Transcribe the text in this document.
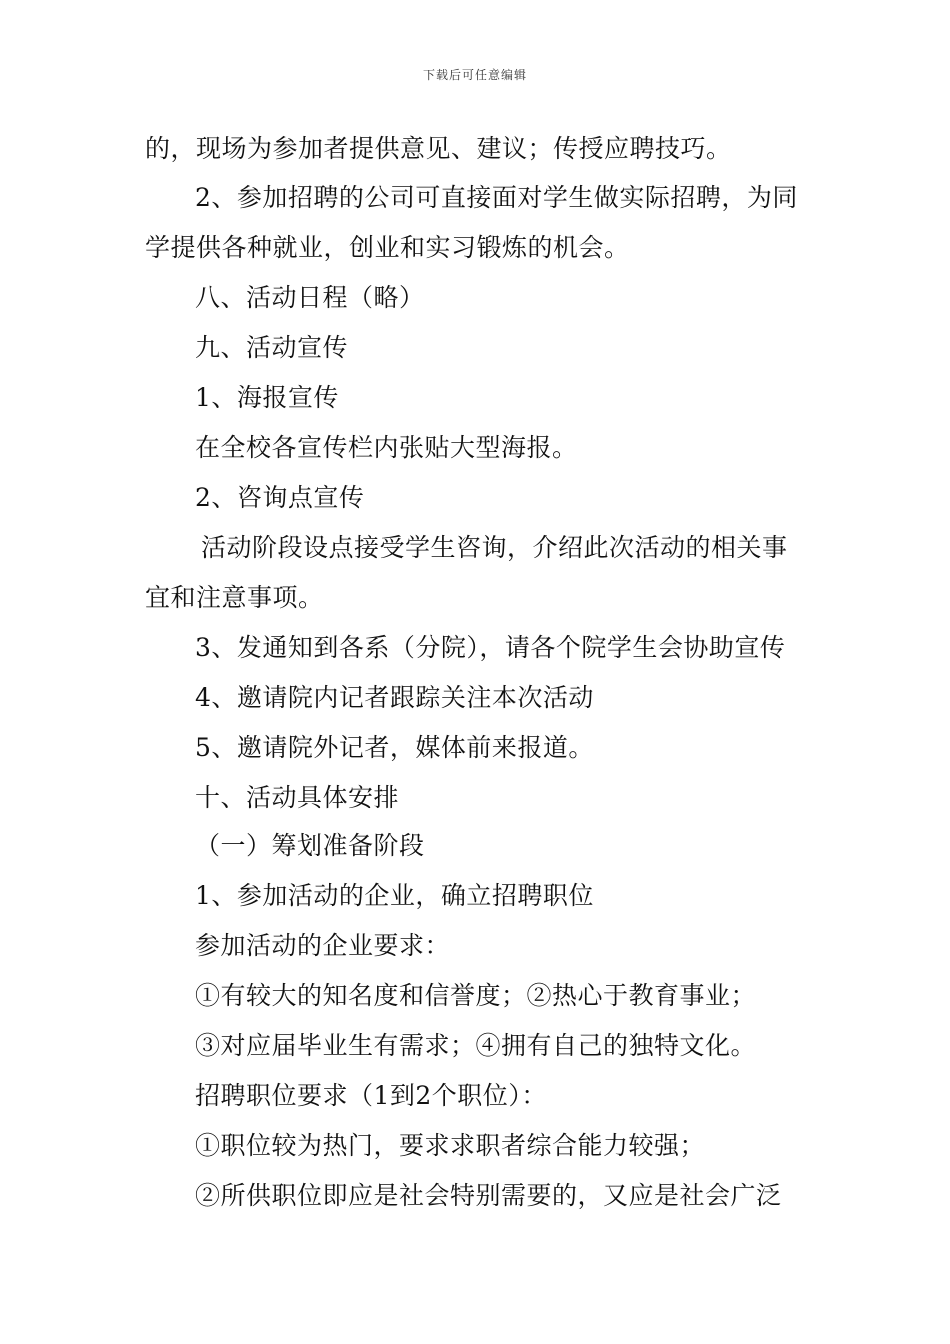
下载后可任意编辑
的，现场为参加者提供意见、建议；传授应聘技巧。
2、参加招聘的公司可直接面对学生做实际招聘，为同
学提供各种就业，创业和实习锻炼的机会。
八、活动日程（略）
九、活动宣传
1、海报宣传
在全校各宣传栏内张贴大型海报。
2、咨询点宣传
活动阶段设点接受学生咨询，介绍此次活动的相关事
宜和注意事项。
3、发通知到各系（分院），请各个院学生会协助宣传
4、邀请院内记者跟踪关注本次活动
5、邀请院外记者，媒体前来报道。
十、活动具体安排
（一）筹划准备阶段
1、参加活动的企业，确立招聘职位
参加活动的企业要求：
①有较大的知名度和信誉度；②热心于教育事业；
③对应届毕业生有需求；④拥有自己的独特文化。
招聘职位要求（1到2个职位）：
①职位较为热门，要求求职者综合能力较强；
②所供职位即应是社会特别需要的，又应是社会广泛
